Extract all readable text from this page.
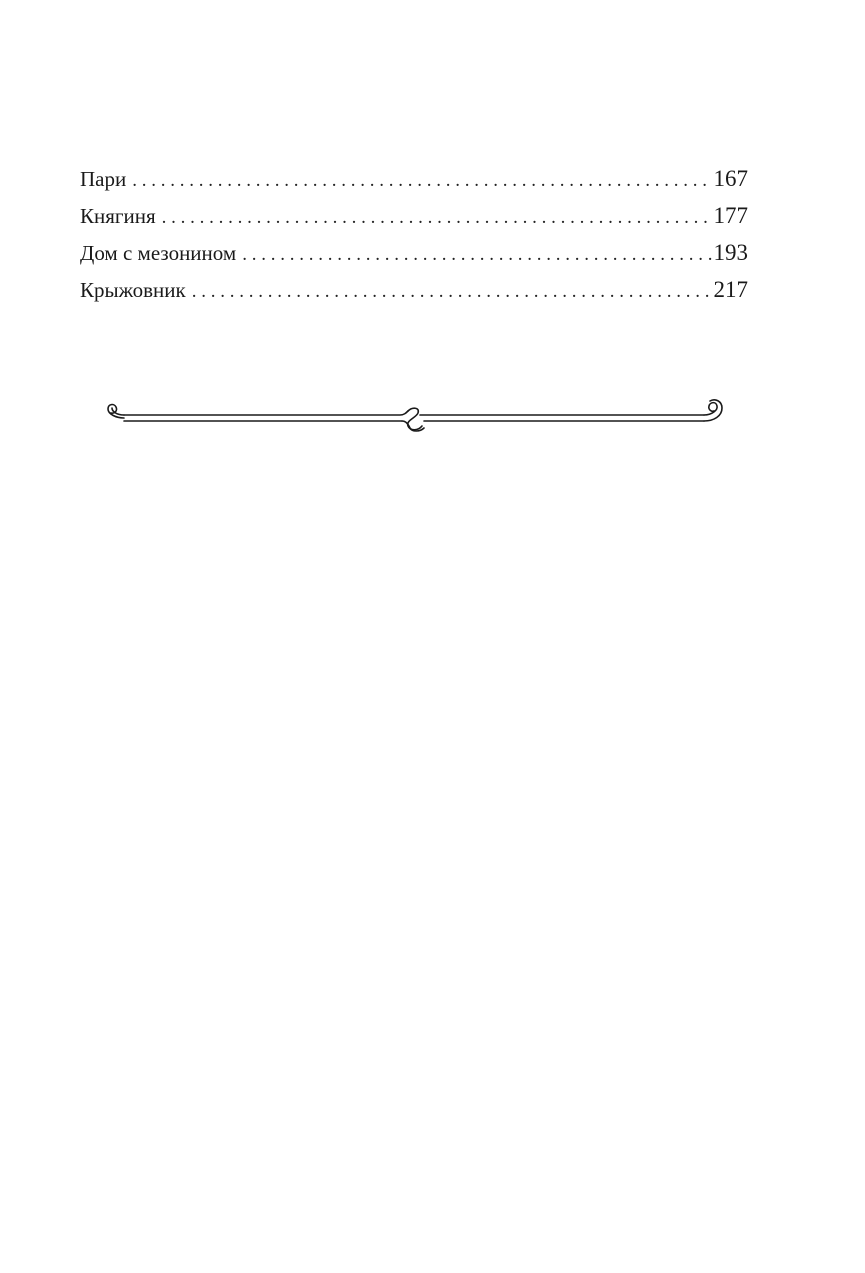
Пари . . .	167
Княгиня . . .	177
Дом с мезонином . . .	193
Крыжовник . . .	217
